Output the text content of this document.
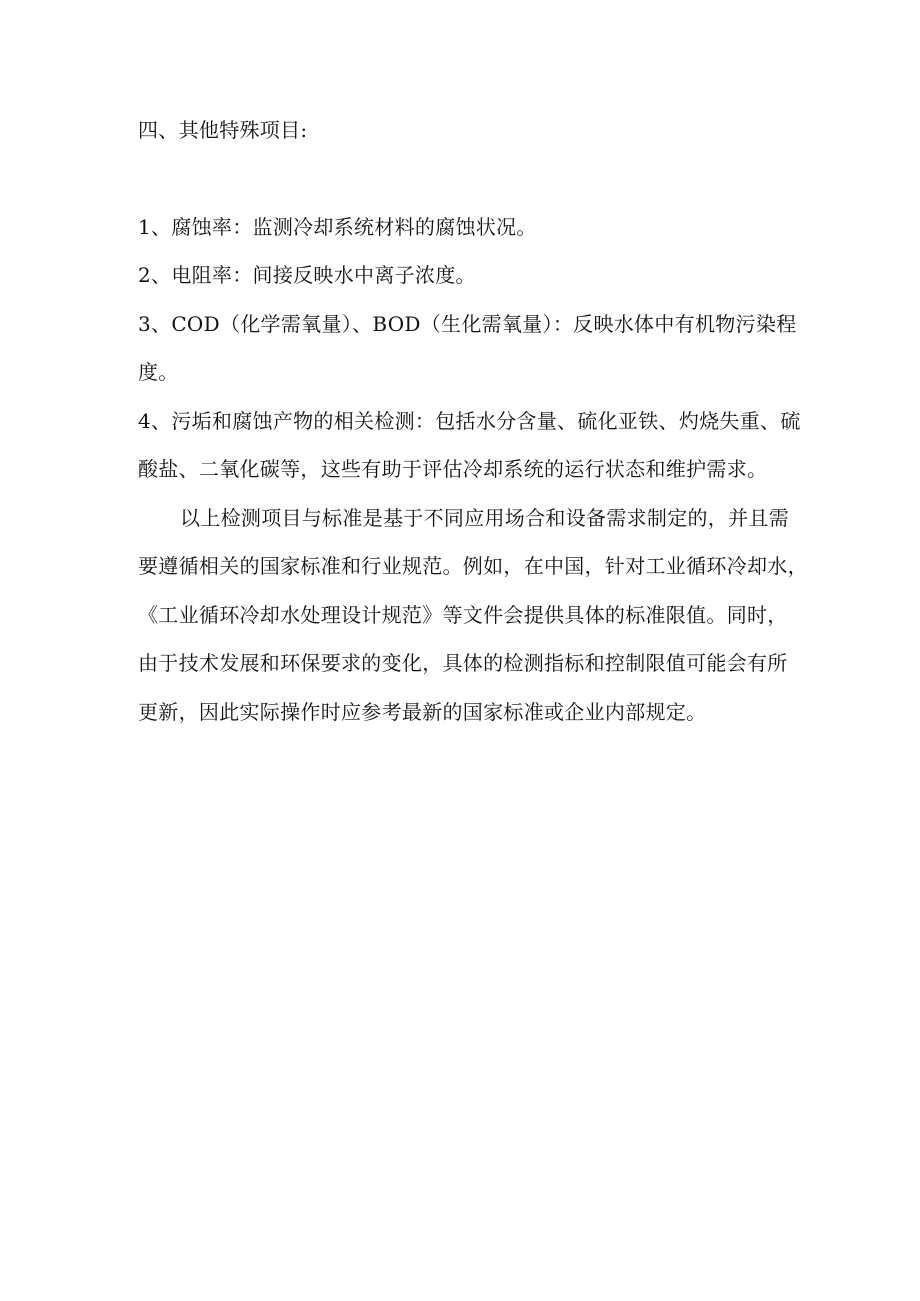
四、其他特殊项目:
1、腐蚀率：监测冷却系统材料的腐蚀状况。
2、电阻率：间接反映水中离子浓度。
3、COD（化学需氧量）、BOD（生化需氧量）：反映水体中有机物污染程
度。
4、污垢和腐蚀产物的相关检测：包括水分含量、硫化亚铁、灼烧失重、硫
酸盐、二氧化碳等，这些有助于评估冷却系统的运行状态和维护需求。
以上检测项目与标准是基于不同应用场合和设备需求制定的，并且需
要遵循相关的国家标准和行业规范。例如，在中国，针对工业循环冷却水，
《工业循环冷却水处理设计规范》等文件会提供具体的标准限值。同时，
由于技术发展和环保要求的变化，具体的检测指标和控制限值可能会有所
更新，因此实际操作时应参考最新的国家标准或企业内部规定。
